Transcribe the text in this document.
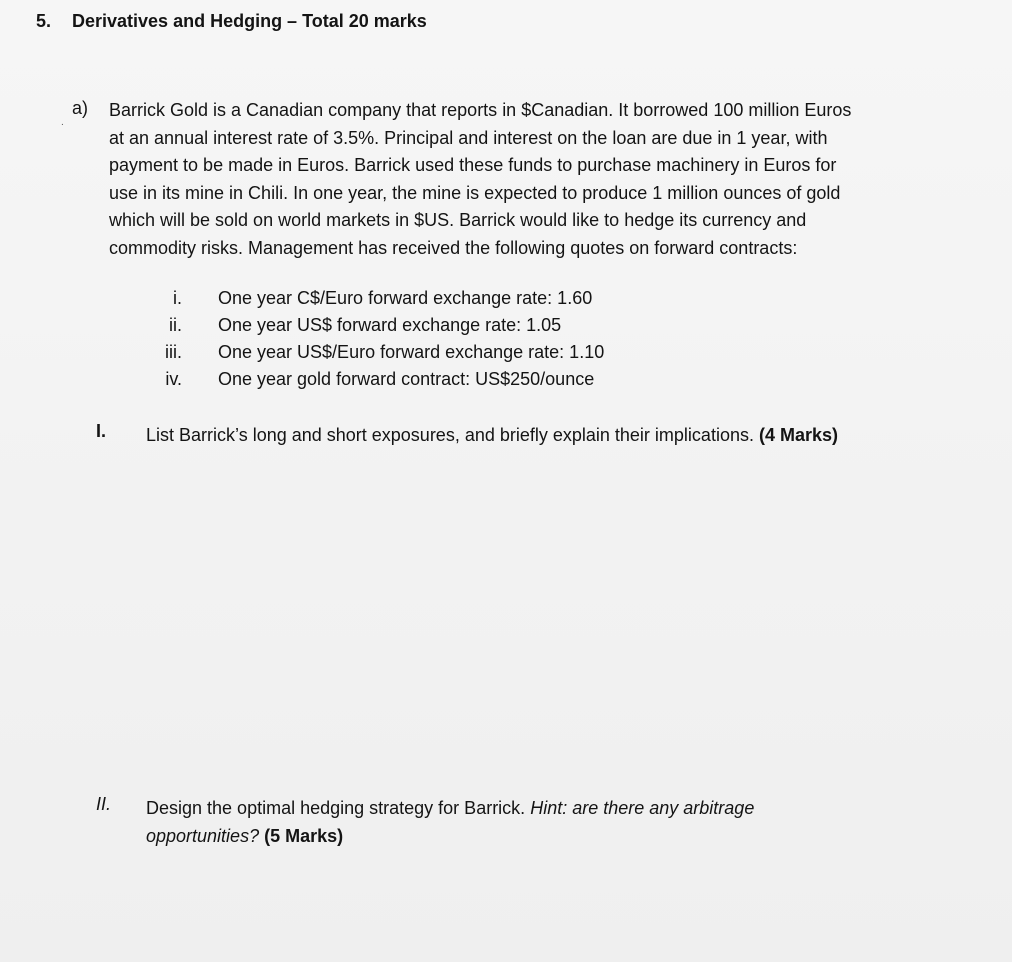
5. Derivatives and Hedging – Total 20 marks
.
a) Barrick Gold is a Canadian company that reports in $Canadian. It borrowed 100 million Euros
at an annual interest rate of 3.5%. Principal and interest on the loan are due in 1 year, with
payment to be made in Euros. Barrick used these funds to purchase machinery in Euros for
use in its mine in Chili. In one year, the mine is expected to produce 1 million ounces of gold
which will be sold on world markets in $US. Barrick would like to hedge its currency and
commodity risks. Management has received the following quotes on forward contracts:
i. One year C$/Euro forward exchange rate: 1.60
ii. One year US$ forward exchange rate: 1.05
iii. One year US$/Euro forward exchange rate: 1.10
iv. One year gold forward contract: US$250/ounce
I. List Barrick’s long and short exposures, and briefly explain their implications. (4 Marks)
II. Design the optimal hedging strategy for Barrick. Hint: are there any arbitrage
opportunities? (5 Marks)
